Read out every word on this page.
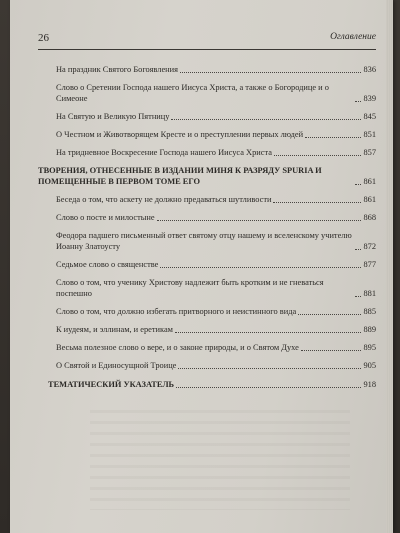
26	Оглавление
На праздник Святого Богоявления	836
Слово о Сретении Господа нашего Иисуса Христа, а также о Богородице и о Симеоне	839
На Святую и Великую Пятницу	845
О Честном и Животворящем Кресте и о преступлении первых людей	851
На тридневное Воскресение Господа нашего Иисуса Христа	857
ТВОРЕНИЯ, ОТНЕСЕННЫЕ В ИЗДАНИИ МИНЯ К РАЗРЯДУ SPURIA И ПОМЕЩЕННЫЕ В ПЕРВОМ ТОМЕ ЕГО	861
Беседа о том, что аскету не должно предаваться шутливости	861
Слово о посте и милостыне	868
Феодора падшего письменный ответ святому отцу нашему и вселенскому учителю Иоанну Златоусту	872
Седьмое слово о священстве	877
Слово о том, что ученику Христову надлежит быть кротким и не гневаться поспешно	881
Слово о том, что должно избегать притворного и неистинного вида	885
К иудеям, и эллинам, и еретикам	889
Весьма полезное слово о вере, и о законе природы, и о Святом Духе	895
О Святой и Единосущной Троице	905
ТЕМАТИЧЕСКИЙ УКАЗАТЕЛЬ	918
